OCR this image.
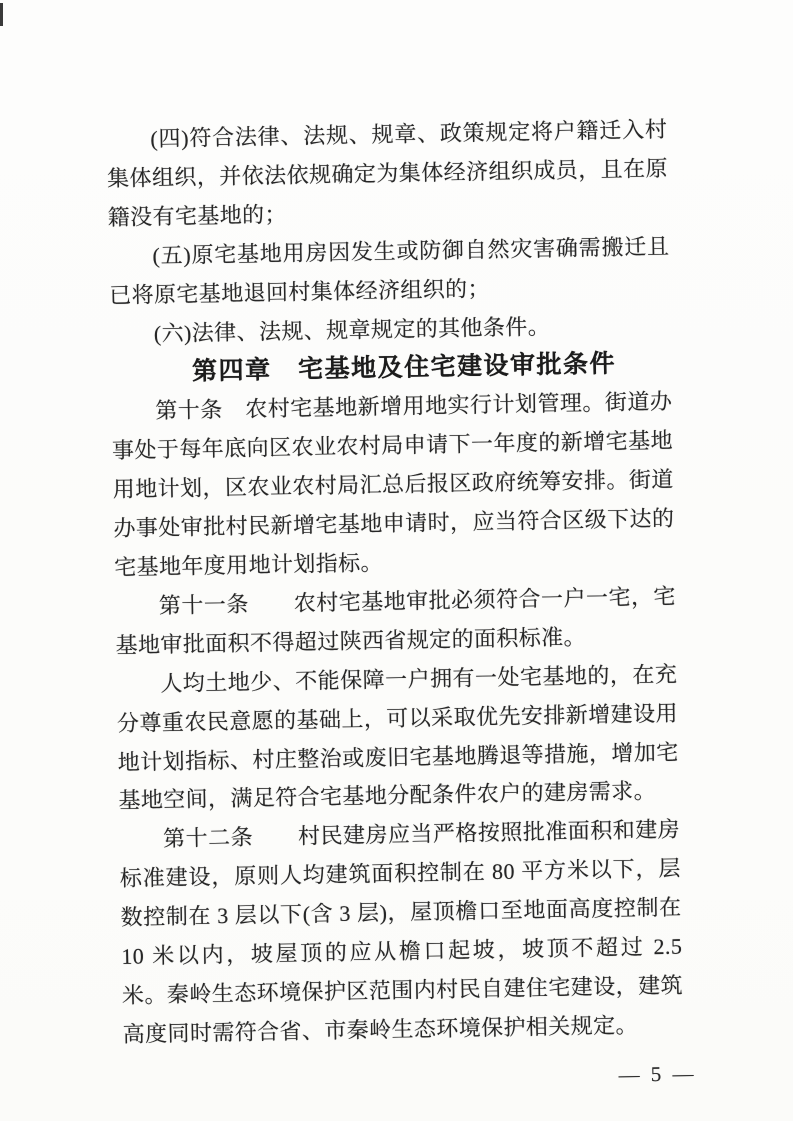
(四)符合法律、法规、规章、政策规定将户籍迁入村集体组织，并依法依规确定为集体经济组织成员，且在原籍没有宅基地的；

(五)原宅基地用房因发生或防御自然灾害确需搬迁且已将原宅基地退回村集体经济组织的；

(六)法律、法规、规章规定的其他条件。

第四章　宅基地及住宅建设审批条件

第十条　农村宅基地新增用地实行计划管理。街道办事处于每年底向区农业农村局申请下一年度的新增宅基地用地计划，区农业农村局汇总后报区政府统筹安排。街道办事处审批村民新增宅基地申请时，应当符合区级下达的宅基地年度用地计划指标。

第十一条　　农村宅基地审批必须符合一户一宅，宅基地审批面积不得超过陕西省规定的面积标准。

人均土地少、不能保障一户拥有一处宅基地的，在充分尊重农民意愿的基础上，可以采取优先安排新增建设用地计划指标、村庄整治或废旧宅基地腾退等措施，增加宅基地空间，满足符合宅基地分配条件农户的建房需求。

第十二条　　村民建房应当严格按照批准面积和建房标准建设，原则人均建筑面积控制在 80 平方米以下，层数控制在 3 层以下(含 3 层)，屋顶檐口至地面高度控制在 10 米以内，坡屋顶的应从檐口起坡，坡顶不超过 2.5 米。秦岭生态环境保护区范围内村民自建住宅建设，建筑高度同时需符合省、市秦岭生态环境保护相关规定。

— 5 —
